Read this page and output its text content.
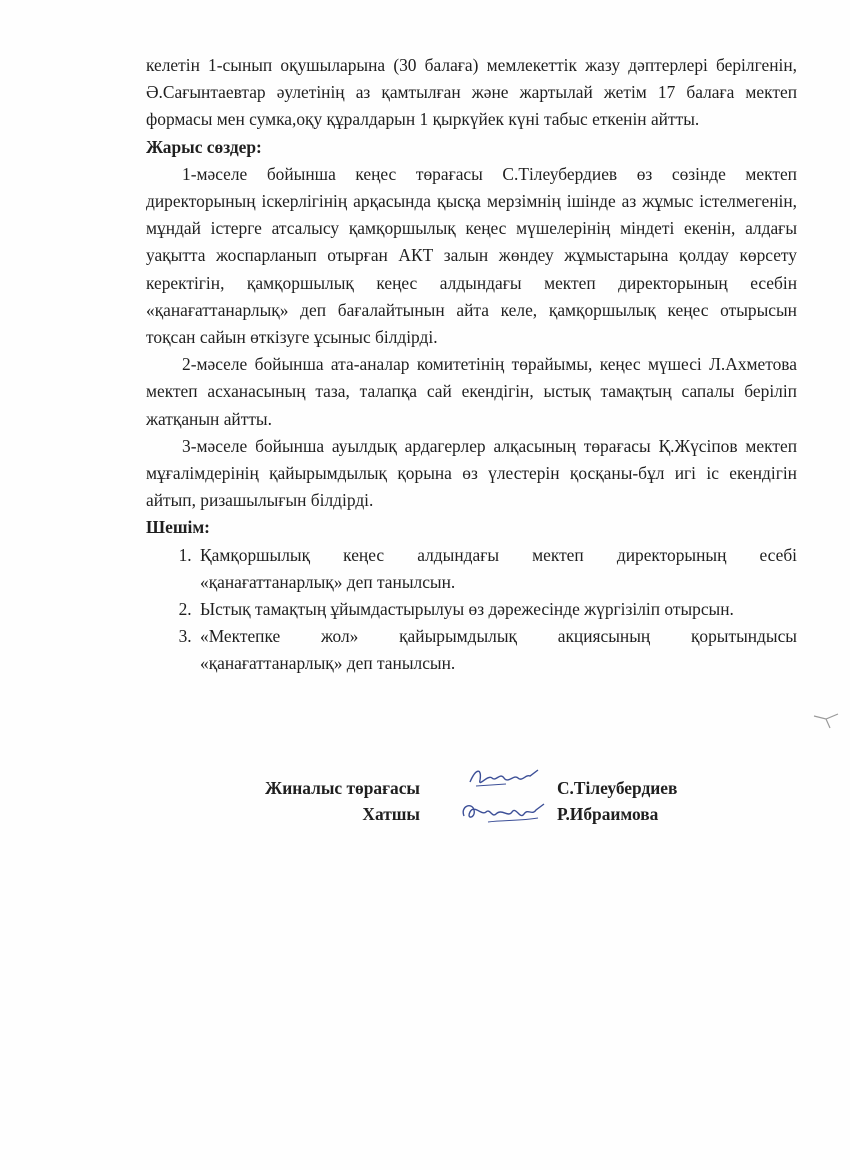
келетін 1-сынып оқушыларына (30 балаға) мемлекеттік жазу дәптерлері берілгенін, Ә.Сағынтаевтар әулетінің аз қамтылған және жартылай жетім 17 балаға мектеп формасы мен сумка,оқу құралдарын 1 қыркүйек күні табыс еткенін айтты.

Жарыс сөздер:

1-мәселе бойынша кеңес төрағасы С.Тілеубердиев өз сөзінде мектеп директорының іскерлігінің арқасында қысқа мерзімнің ішінде аз жұмыс істелмегенін, мұндай істерге атсалысу қамқоршылық кеңес мүшелерінің міндеті екенін, алдағы уақытта жоспарланып отырған АКТ залын жөндеу жұмыстарына қолдау көрсету керектігін, қамқоршылық кеңес алдындағы мектеп директорының есебін «қанағаттанарлық» деп бағалайтынын айта келе, қамқоршылық кеңес отырысын тоқсан сайын өткізуге ұсыныс білдірді.

2-мәселе бойынша ата-аналар комитетінің төрайымы, кеңес мүшесі Л.Ахметова мектеп асханасының таза, талапқа сай екендігін, ыстық тамақтың сапалы беріліп жатқанын айтты.

3-мәселе бойынша ауылдық ардагерлер алқасының төрағасы Қ.Жүсіпов мектеп мұғалімдерінің қайырымдылық қорына өз үлестерін қосқаны-бұл игі іс екендігін айтып, ризашылығын білдірді.

Шешім:

1. Қамқоршылық кеңес алдындағы мектеп директорының есебі «қанағаттанарлық» деп танылсын.
2. Ыстық тамақтың ұйымдастырылуы өз дәрежесінде жүргізіліп отырсын.
3. «Мектепке жол» қайырымдылық акциясының қорытындысы «қанағаттанарлық» деп танылсын.
Жиналыс төрағасы	С.Тілеубердиев
Хатшы	Р.Ибраимова
